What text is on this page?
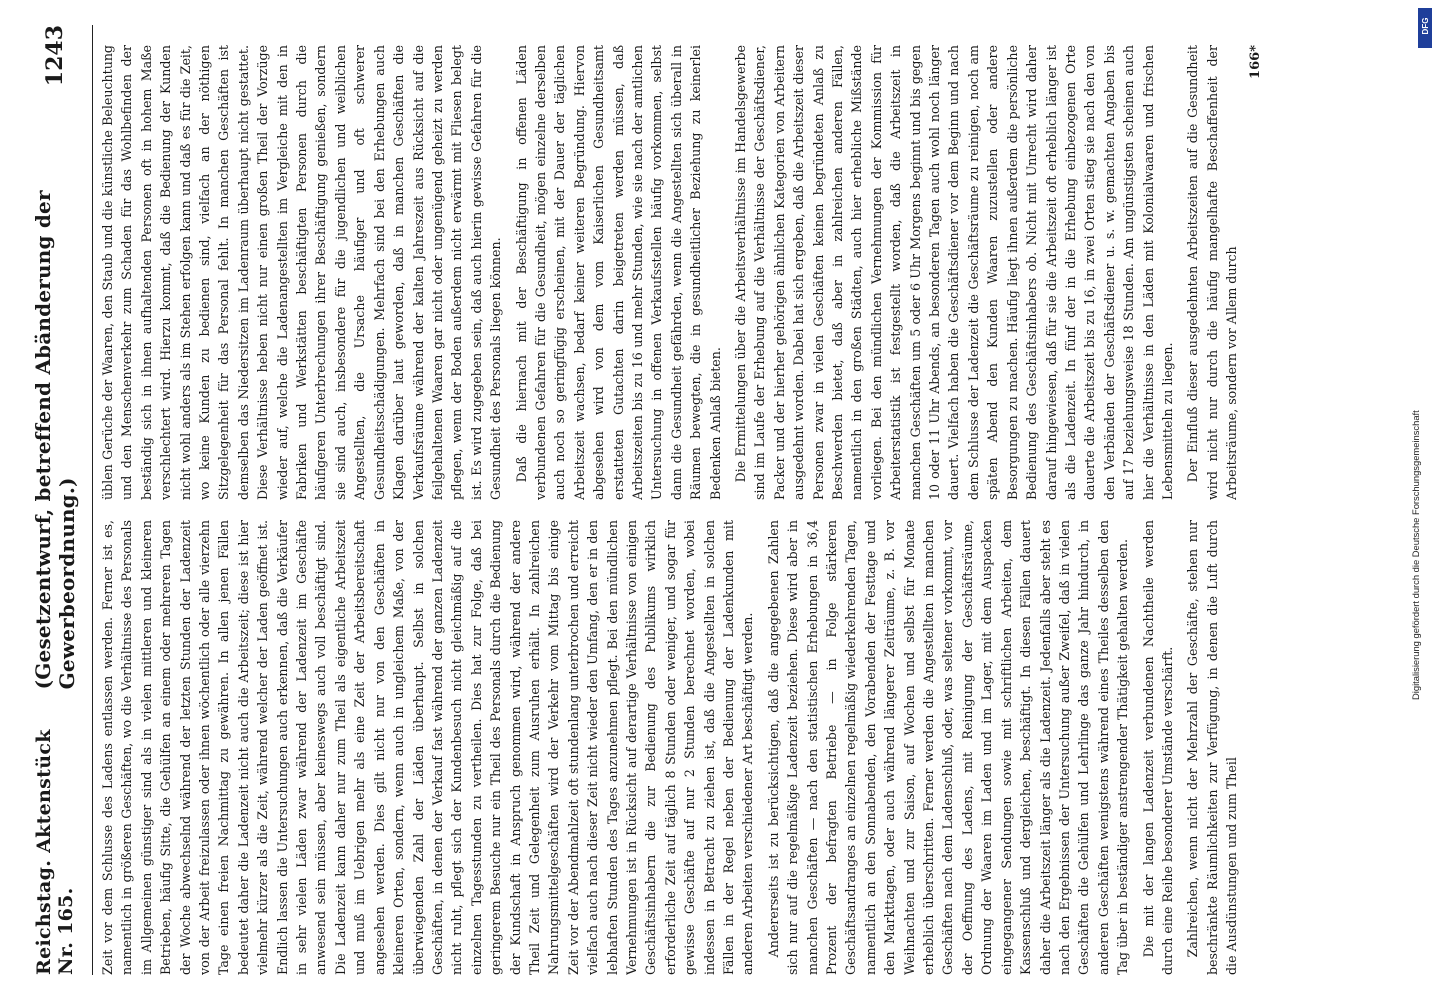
Reichstag. Aktenstück Nr. 165.
(Gesetzentwurf, betreffend Abänderung der Gewerbeordnung.)
1243

Zeit vor dem Schlusse des Ladens entlassen werden. Ferner ist es, namentlich in größeren Geschäften, wo die Verhältnisse des Personals im Allgemeinen günstiger sind als in vielen mittleren und kleineren Betrieben, häufig Sitte, die Gehülfen an einem oder mehreren Tagen der Woche abwechselnd während der letzten Stunden der Ladenzeit von der Arbeit freizulassen oder ihnen wöchentlich oder alle vierzehn Tage einen freien Nachmittag zu gewähren. In allen jenen Fällen bedeutet daher die Ladenzeit nicht auch die Arbeitszeit; diese ist hier vielmehr kürzer als die Zeit, während welcher der Laden geöffnet ist. Endlich lassen die Untersuchungen auch erkennen, daß die Verkäufer in sehr vielen Läden zwar während der Ladenzeit im Geschäfte anwesend sein müssen, aber keineswegs auch voll beschäftigt sind. Die Ladenzeit kann daher nur zum Theil als eigentliche Arbeitszeit und muß im Uebrigen mehr als eine Zeit der Arbeitsbereitschaft angesehen werden. Dies gilt nicht nur von den Geschäften in kleineren Orten, sondern, wenn auch in ungleichem Maße, von der überwiegenden Zahl der Läden überhaupt. Selbst in solchen Geschäften, in denen der Verkauf fast während der ganzen Ladenzeit nicht ruht, pflegt sich der Kundenbesuch nicht gleichmäßig auf die einzelnen Tagesstunden zu vertheilen. Dies hat zur Folge, daß bei geringerem Besuche nur ein Theil des Personals durch die Bedienung der Kundschaft in Anspruch genommen wird, während der andere Theil Zeit und Gelegenheit zum Ausruhen erhält. In zahlreichen Nahrungsmittelgeschäften wird der Verkehr vom Mittag bis einige Zeit vor der Abendmahlzeit oft stundenlang unterbrochen und erreicht vielfach auch nach dieser Zeit nicht wieder den Umfang, den er in den lebhaften Stunden des Tages anzunehmen pflegt. Bei den mündlichen Vernehmungen ist in Rücksicht auf derartige Verhältnisse von einigen Geschäftsinhabern die zur Bedienung des Publikums wirklich erforderliche Zeit auf täglich 8 Stunden oder weniger, und sogar für gewisse Geschäfte auf nur 2 Stunden berechnet worden, wobei indessen in Betracht zu ziehen ist, daß die Angestellten in solchen Fällen in der Regel neben der Bedienung der Ladenkunden mit anderen Arbeiten verschiedener Art beschäftigt werden. Andererseits ist zu berücksichtigen, daß die angegebenen Zahlen sich nur auf die regelmäßige Ladenzeit beziehen. Diese wird aber in manchen Geschäften — nach den statistischen Erhebungen in 36,4 Prozent der befragten Betriebe — in Folge stärkeren Geschäftsandranges an einzelnen regelmäßig wiederkehrenden Tagen, namentlich an den Sonnabenden, den Vorabenden der Festtage und den Markttagen, oder auch während längerer Zeiträume, z. B. vor Weihnachten und zur Saison, auf Wochen und selbst für Monate erheblich überschritten. Ferner werden die Angestellten in manchen Geschäften nach dem Ladenschluß, oder, was seltener vorkommt, vor der Oeffnung des Ladens, mit Reinigung der Geschäftsräume, Ordnung der Waaren im Laden und im Lager, mit dem Auspacken eingegangener Sendungen sowie mit schriftlichen Arbeiten, dem Kassenschluß und dergleichen, beschäftigt. In diesen Fällen dauert daher die Arbeitszeit länger als die Ladenzeit. Jedenfalls aber steht es nach den Ergebnissen der Untersuchung außer Zweifel, daß in vielen Geschäften die Gehülfen und Lehrlinge das ganze Jahr hindurch, in anderen Geschäften wenigstens während eines Theiles desselben den Tag über in beständiger anstrengender Thätigkeit gehalten werden. Die mit der langen Ladenzeit verbundenen Nachtheile werden durch eine Reihe besonderer Umstände verschärft. Zahlreichen, wenn nicht der Mehrzahl der Geschäfte, stehen nur beschränkte Räumlichkeiten zur Verfügung, in denen die Luft durch die Ausdünstungen und zum Theil

üblen Gerüche der Waaren, den Staub und die künstliche Beleuchtung und den Menschenverkehr zum Schaden für das Wohlbefinden der beständig sich in ihnen aufhaltenden Personen oft in hohem Maße verschlechtert wird. Hierzu kommt, daß die Bedienung der Kunden nicht wohl anders als im Stehen erfolgen kann und daß es für die Zeit, wo keine Kunden zu bedienen sind, vielfach an der nöthigen Sitzgelegenheit für das Personal fehlt. In manchen Geschäften ist demselben das Niedersitzen im Ladenraum überhaupt nicht gestattet. Diese Verhältnisse heben nicht nur einen großen Theil der Vorzüge wieder auf, welche die Ladenangestellten im Vergleiche mit den in Fabriken und Werkstätten beschäftigten Personen durch die häufigeren Unterbrechungen ihrer Beschäftigung genießen, sondern sie sind auch, insbesondere für die jugendlichen und weiblichen Angestellten, die Ursache häufiger und oft schwerer Gesundheitsschädigungen. Mehrfach sind bei den Erhebungen auch Klagen darüber laut geworden, daß in manchen Geschäften die Verkaufsräume während der kalten Jahreszeit aus Rücksicht auf die feilgehaltenen Waaren gar nicht oder ungenügend geheizt zu werden pflegen, wenn der Boden außerdem nicht erwärmt mit Fliesen belegt ist. Es wird zugegeben sein, daß auch hierin gewisse Gefahren für die Gesundheit des Personals liegen können. Daß die hiernach mit der Beschäftigung in offenen Läden verbundenen Gefahren für die Gesundheit, mögen einzelne derselben auch noch so geringfügig erscheinen, mit der Dauer der täglichen Arbeitszeit wachsen, bedarf keiner weiteren Begründung. Hiervon abgesehen wird von dem vom Kaiserlichen Gesundheitsamt erstatteten Gutachten darin beigetreten werden müssen, daß Arbeitszeiten bis zu 16 und mehr Stunden, wie sie nach der amtlichen Untersuchung in offenen Verkaufsstellen häufig vorkommen, selbst dann die Gesundheit gefährden, wenn die Angestellten sich überall in Räumen bewegten, die in gesundheitlicher Beziehung zu keinerlei Bedenken Anlaß bieten. Die Ermittelungen über die Arbeitsverhältnisse im Handelsgewerbe sind im Laufe der Erhebung auf die Verhältnisse der Geschäftsdiener, Packer und der hierher gehörigen ähnlichen Kategorien von Arbeitern ausgedehnt worden. Dabei hat sich ergeben, daß die Arbeitszeit dieser Personen zwar in vielen Geschäften keinen begründeten Anlaß zu Beschwerden bietet, daß aber in zahlreichen anderen Fällen, namentlich in den großen Städten, auch hier erhebliche Mißstände vorliegen. Bei den mündlichen Vernehmungen der Kommission für Arbeiterstatistik ist festgestellt worden, daß die Arbeitszeit in manchen Geschäften um 5 oder 6 Uhr Morgens beginnt und bis gegen 10 oder 11 Uhr Abends, an besonderen Tagen auch wohl noch länger dauert. Vielfach haben die Geschäftsdiener vor dem Beginn und nach dem Schlusse der Ladenzeit die Geschäftsräume zu reinigen, noch am späten Abend den Kunden Waaren zuzustellen oder andere Besorgungen zu machen. Häufig liegt ihnen außerdem die persönliche Bedienung des Geschäftsinhabers ob. Nicht mit Unrecht wird daher darauf hingewiesen, daß für sie die Arbeitszeit oft erheblich länger ist als die Ladenzeit. In fünf der in die Erhebung einbezogenen Orte dauerte die Arbeitszeit bis zu 16, in zwei Orten stieg sie nach den von den Verbänden der Geschäftsdiener u. s. w. gemachten Angaben bis auf 17 beziehungsweise 18 Stunden. Am ungünstigsten scheinen auch hier die Verhältnisse in den Läden mit Kolonialwaaren und frischen Lebensmitteln zu liegen. Der Einfluß dieser ausgedehnten Arbeitszeiten auf die Gesundheit wird nicht nur durch die häufig mangelhafte Beschaffenheit der Arbeitsräume, sondern vor Allem durch

166*
Digitalisierung gefördert durch die Deutsche Forschungsgemeinschaft
DFG
